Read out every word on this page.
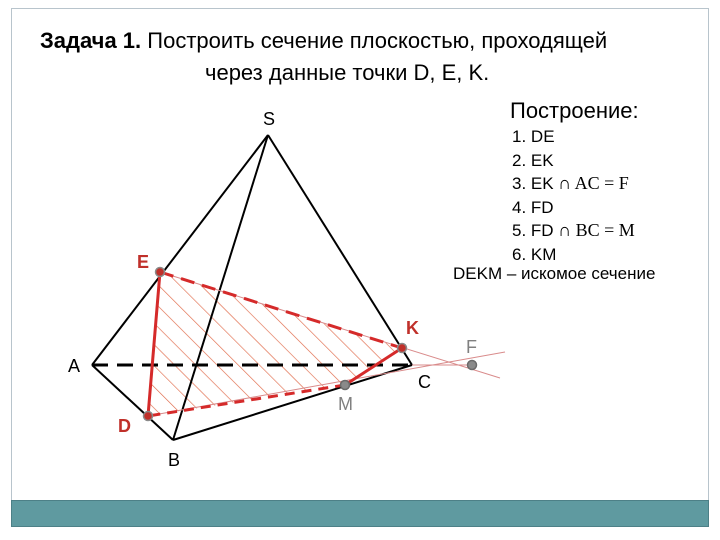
Задача 1. Построить сечение плоскостью, проходящей
через данные точки D, E, K.
Построение:
1. DE
2. EK
3. EK ∩ AC = F
4. FD
5. FD ∩ BC = M
6. KM
DEKM – искомое сечение
S
A
B
C
E
D
K
M
F
